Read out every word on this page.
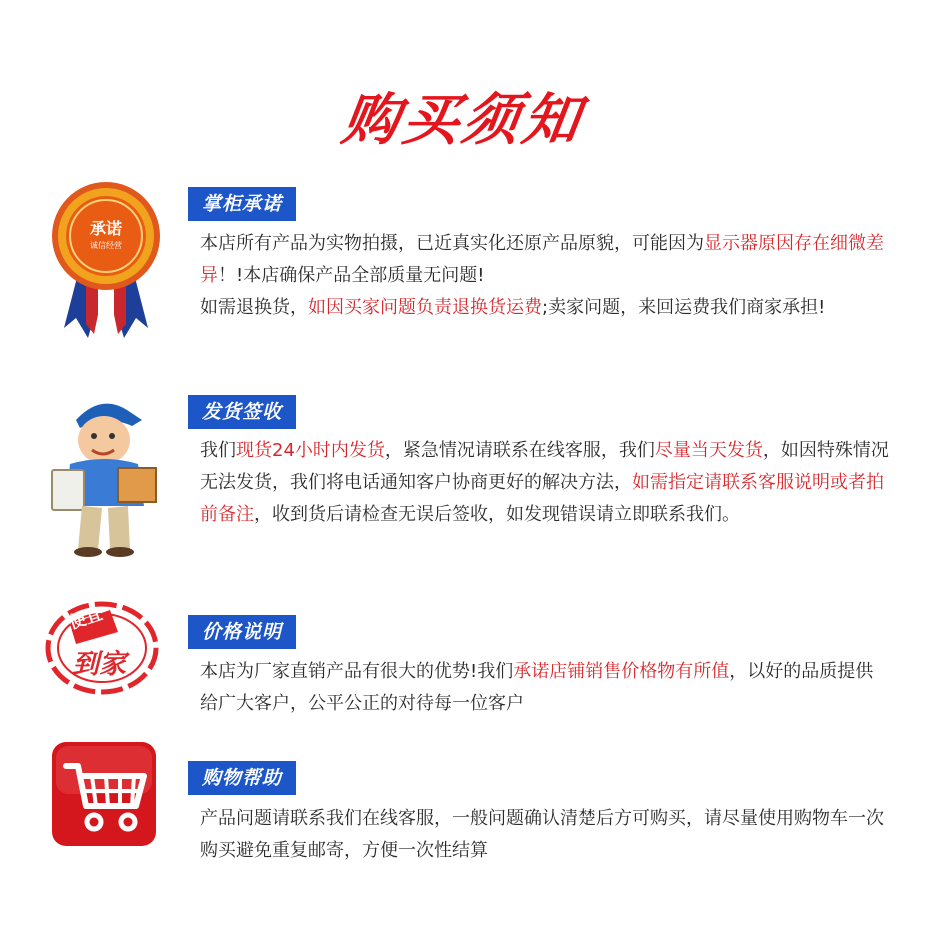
购买须知
承诺
诚信经营
掌柜承诺
本店所有产品为实物拍摄，已近真实化还原产品原貌，可能因为显示器原因存在细微差异！!本店确保产品全部质量无问题!
如需退换货，如因买家问题负责退换货运费;卖家问题，来回运费我们商家承担!
发货签收
我们现货24小时内发货，紧急情况请联系在线客服，我们尽量当天发货，如因特殊情况无法发货，我们将电话通知客户协商更好的解决方法，如需指定请联系客服说明或者拍前备注，收到货后请检查无误后签收，如发现错误请立即联系我们。
便宜
到家
价格说明
本店为厂家直销产品有很大的优势!我们承诺店铺销售价格物有所值，以好的品质提供给广大客户，公平公正的对待每一位客户
购物帮助
产品问题请联系我们在线客服，一般问题确认清楚后方可购买，请尽量使用购物车一次购买避免重复邮寄，方便一次性结算
